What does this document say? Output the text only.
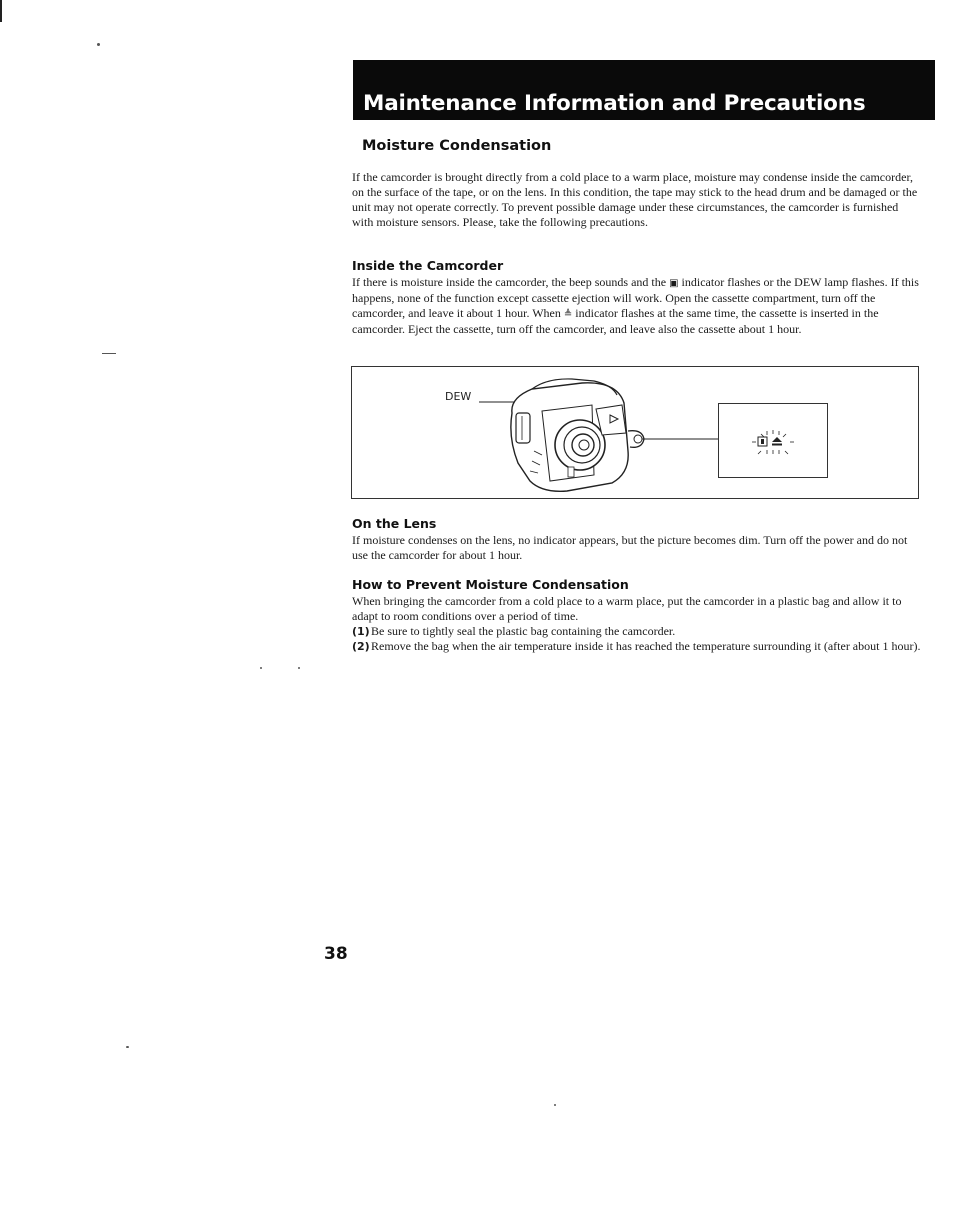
Maintenance Information and Precautions
Moisture Condensation

If the camcorder is brought directly from a cold place to a warm place, moisture may condense inside the camcorder, on the surface of the tape, or on the lens. In this condition, the tape may stick to the head drum and be damaged or the unit may not operate correctly. To prevent possible damage under these circumstances, the camcorder is furnished with moisture sensors. Please, take the following precautions.

Inside the Camcorder

If there is moisture inside the camcorder, the beep sounds and the ▣ indicator flashes or the DEW lamp flashes. If this happens, none of the function except cassette ejection will work. Open the cassette compartment, turn off the camcorder, and leave it about 1 hour. When ≜ indicator flashes at the same time, the cassette is inserted in the camcorder. Eject the cassette, turn off the camcorder, and leave also the cassette about 1 hour.

DEW
On the Lens

If moisture condenses on the lens, no indicator appears, but the picture becomes dim. Turn off the power and do not use the camcorder for about 1 hour.

How to Prevent Moisture Condensation

When bringing the camcorder from a cold place to a warm place, put the camcorder in a plastic bag and allow it to adapt to room conditions over a period of time.

(1) Be sure to tightly seal the plastic bag containing the camcorder.
(2) Remove the bag when the air temperature inside it has reached the temperature surrounding it (after about 1 hour).

38
